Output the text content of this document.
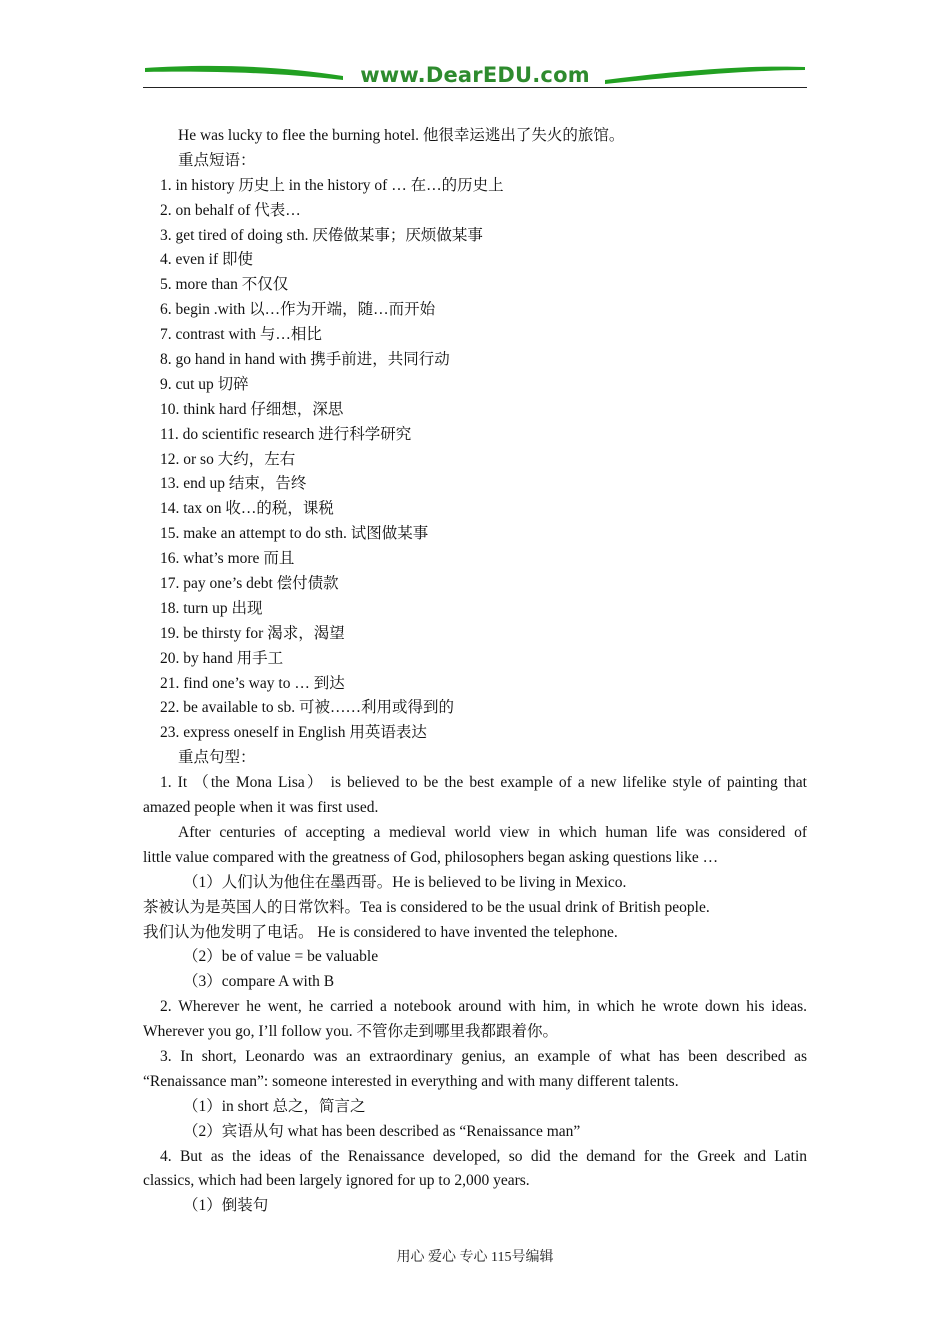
www.DearEDU.com
He was lucky to flee the burning hotel. 他很幸运逃出了失火的旅馆。
重点短语：
1. in history 历史上 in the history of … 在…的历史上
2. on behalf of 代表…
3. get tired of doing sth. 厌倦做某事；厌烦做某事
4. even if 即使
5. more than 不仅仅
6. begin .with 以…作为开端，随…而开始
7. contrast with 与…相比
8. go hand in hand with 携手前进，共同行动
9. cut up 切碎
10. think hard 仔细想，深思
11. do scientific research 进行科学研究
12. or so 大约，左右
13. end up 结束，告终
14. tax on 收…的税，课税
15. make an attempt to do sth. 试图做某事
16. what’s more 而且
17. pay one’s debt 偿付债款
18. turn up 出现
19. be thirsty for 渴求，渴望
20. by hand 用手工
21. find one’s way to … 到达
22. be available to sb. 可被……利用或得到的
23. express oneself in English 用英语表达
重点句型：
1. It （the Mona Lisa） is believed to be the best example of a new lifelike style of painting that
amazed people when it was first used.
After centuries of accepting a medieval world view in which human life was considered of
little value compared with the greatness of God, philosophers began asking questions like …
（1）人们认为他住在墨西哥。He is believed to be living in Mexico.
茶被认为是英国人的日常饮料。Tea is considered to be the usual drink of British people.
我们认为他发明了电话。 He is considered to have invented the telephone.
（2）be of value = be valuable
（3）compare A with B
2. Wherever he went, he carried a notebook around with him, in which he wrote down his ideas.
Wherever you go, I’ll follow you. 不管你走到哪里我都跟着你。
3. In short, Leonardo was an extraordinary genius, an example of what has been described as
“Renaissance man”: someone interested in everything and with many different talents.
（1）in short 总之，简言之
（2）宾语从句 what has been described as “Renaissance man”
4. But as the ideas of the Renaissance developed, so did the demand for the Greek and Latin
classics, which had been largely ignored for up to 2,000 years.
（1）倒装句
用心 爱心 专心 115号编辑
